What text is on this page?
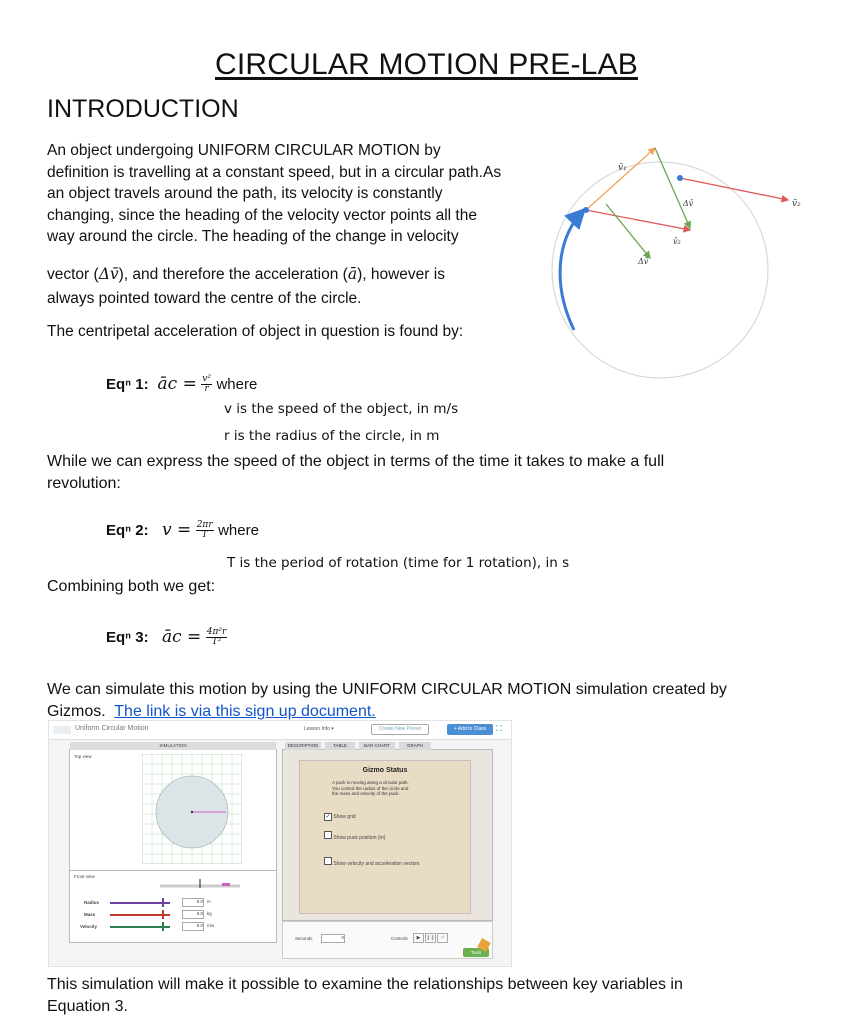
CIRCULAR MOTION PRE-LAB
INTRODUCTION

An object undergoing UNIFORM CIRCULAR MOTION by

definition is travelling at a constant speed, but in a circular path.As

an object travels around the path, its velocity is constantly

changing, since the heading of the velocity vector points all the

way around the circle. The heading of the change in velocity

vector (Δv̄), and therefore the acceleration (ā), however is
always pointed toward the centre of the circle.
The centripetal acceleration of object in question is found by:
v̄₁
Δv̄	v̄₂
v̄₂
Δv̄
Eqⁿ 1: āc = $\frac{\text{v²}}{r}$ where
v is the speed of the object, in m/s
r is the radius of the circle, in m
While we can express the speed of the object in terms of the time it takes to make a full
revolution:
Eqⁿ 2: $v = \frac{2\pi r}{T}$ where
T is the period of rotation (time for 1 rotation), in s
Combining both we get:
Eqⁿ 3: āc = $\frac{\text{4π²r}}{\text{T²}}$
We can simulate this motion by using the UNIFORM CIRCULAR MOTION simulation created by
Gizmos. The link is via this sign up document.
Uniform Circular Motion	Lesson Info ▾	Create New Preset	+ Add to Class	⛶
SIMULATION
Top view
Front view
Radius	8.0 m
Mass	5.0 kg
Velocity	8.0 m/s
DESCRIPTION	TABLE	BAR CHART	GRAPH
Gizmo Status
A puck is moving along a circular path.
You control the radius of the circle and
the mass and velocity of the puck.
✓ Show grid
Show puck position (m)
Show velocity and acceleration vectors
Seconds	0	Controls	▶	❚❚	↺
Tools
This simulation will make it possible to examine the relationships between key variables in
Equation 3.
